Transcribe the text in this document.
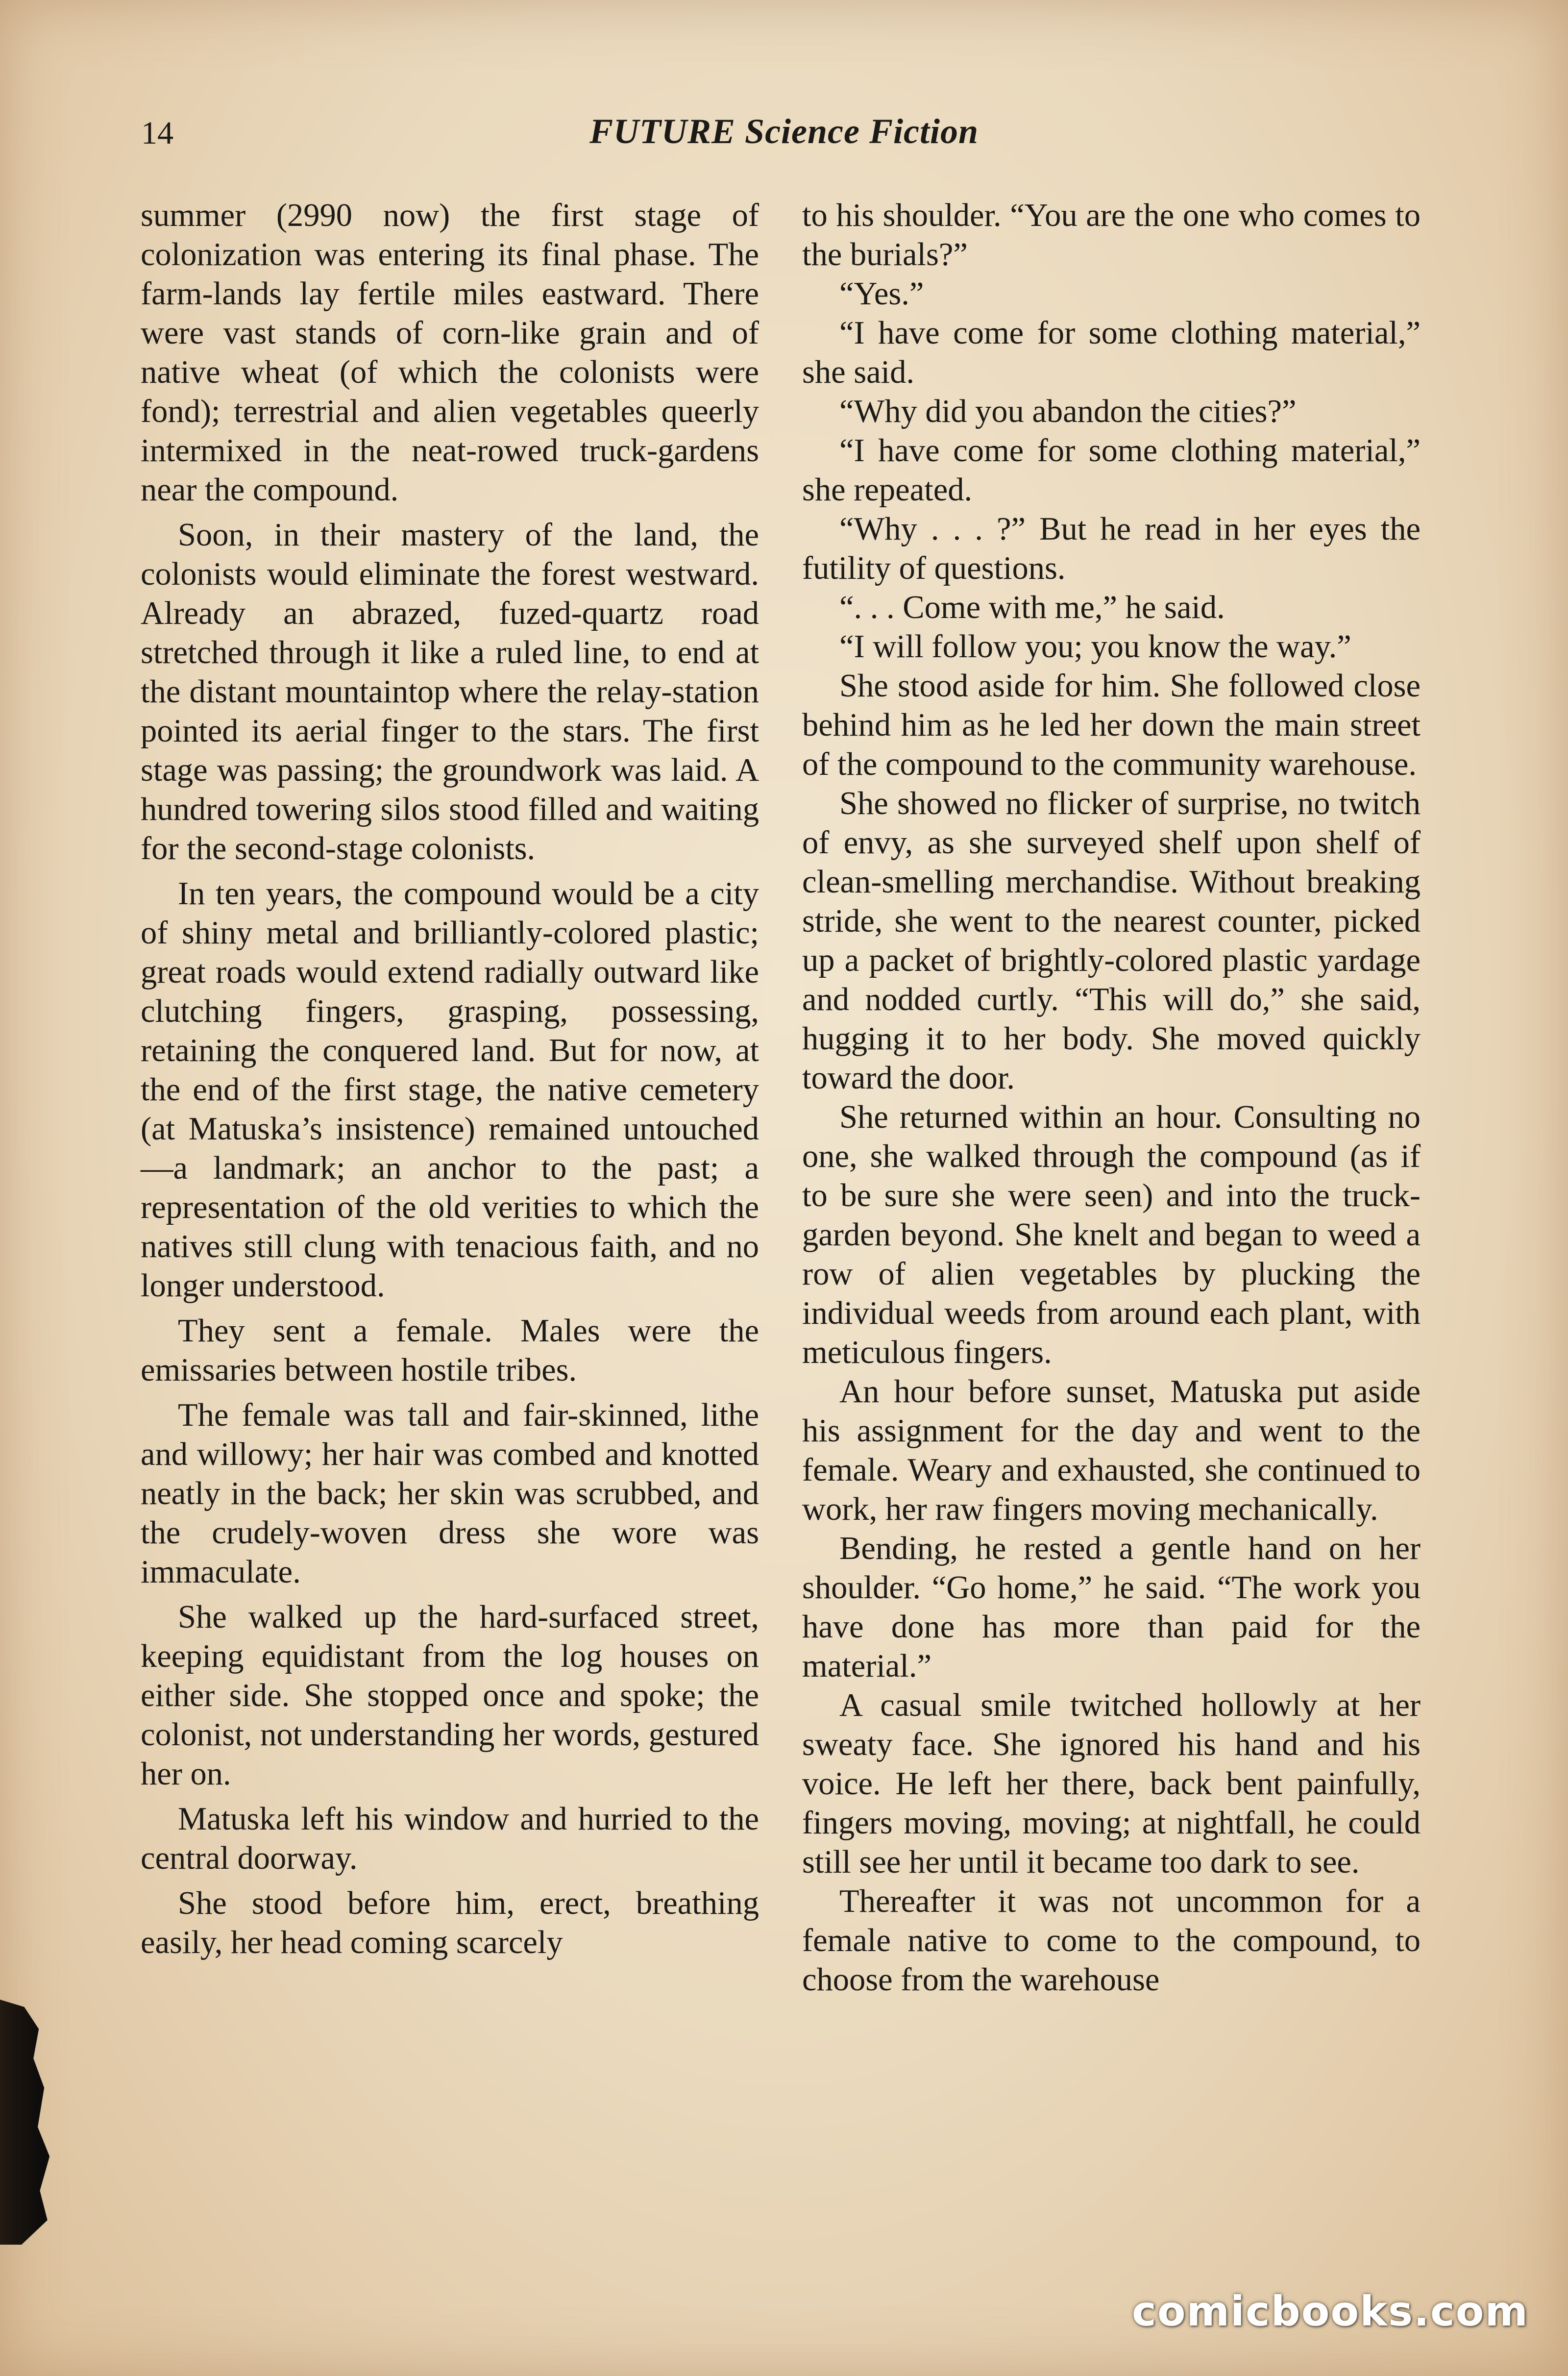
14	FUTURE Science Fiction

summer (2990 now) the first stage of colonization was entering its final phase. The farm-lands lay fertile miles eastward. There were vast stands of corn-like grain and of native wheat (of which the colonists were fond); terrestrial and alien vegetables queerly intermixed in the neat-rowed truck-gardens near the compound.

Soon, in their mastery of the land, the colonists would eliminate the forest westward. Already an abrazed, fuzed-quartz road stretched through it like a ruled line, to end at the distant mountaintop where the relay-station pointed its aerial finger to the stars. The first stage was passing; the groundwork was laid. A hundred towering silos stood filled and waiting for the second-stage colonists.

In ten years, the compound would be a city of shiny metal and brilliantly-colored plastic; great roads would extend radially outward like clutching fingers, grasping, possessing, retaining the conquered land. But for now, at the end of the first stage, the native cemetery (at Matuska’s insistence) remained untouched—a landmark; an anchor to the past; a representation of the old verities to which the natives still clung with tenacious faith, and no longer understood.

They sent a female. Males were the emissaries between hostile tribes.

The female was tall and fair-skinned, lithe and willowy; her hair was combed and knotted neatly in the back; her skin was scrubbed, and the crudely-woven dress she wore was immaculate.

She walked up the hard-surfaced street, keeping equidistant from the log houses on either side. She stopped once and spoke; the colonist, not understanding her words, gestured her on.

Matuska left his window and hurried to the central doorway.

She stood before him, erect, breathing easily, her head coming scarcely

to his shoulder. “You are the one who comes to the burials?”

“Yes.”

“I have come for some clothing material,” she said.

“Why did you abandon the cities?”

“I have come for some clothing material,” she repeated.

“Why . . . ?” But he read in her eyes the futility of questions.

“. . . Come with me,” he said.

“I will follow you; you know the way.”

She stood aside for him. She followed close behind him as he led her down the main street of the compound to the community warehouse.

She showed no flicker of surprise, no twitch of envy, as she surveyed shelf upon shelf of clean-smelling merchandise. Without breaking stride, she went to the nearest counter, picked up a packet of brightly-colored plastic yardage and nodded curtly. “This will do,” she said, hugging it to her body. She moved quickly toward the door.

She returned within an hour. Consulting no one, she walked through the compound (as if to be sure she were seen) and into the truck-garden beyond. She knelt and began to weed a row of alien vegetables by plucking the individual weeds from around each plant, with meticulous fingers.

An hour before sunset, Matuska put aside his assignment for the day and went to the female. Weary and exhausted, she continued to work, her raw fingers moving mechanically.

Bending, he rested a gentle hand on her shoulder. “Go home,” he said. “The work you have done has more than paid for the material.”

A casual smile twitched hollowly at her sweaty face. She ignored his hand and his voice. He left her there, back bent painfully, fingers moving, moving; at nightfall, he could still see her until it became too dark to see.

Thereafter it was not uncommon for a female native to come to the compound, to choose from the warehouse

comicbooks.com
